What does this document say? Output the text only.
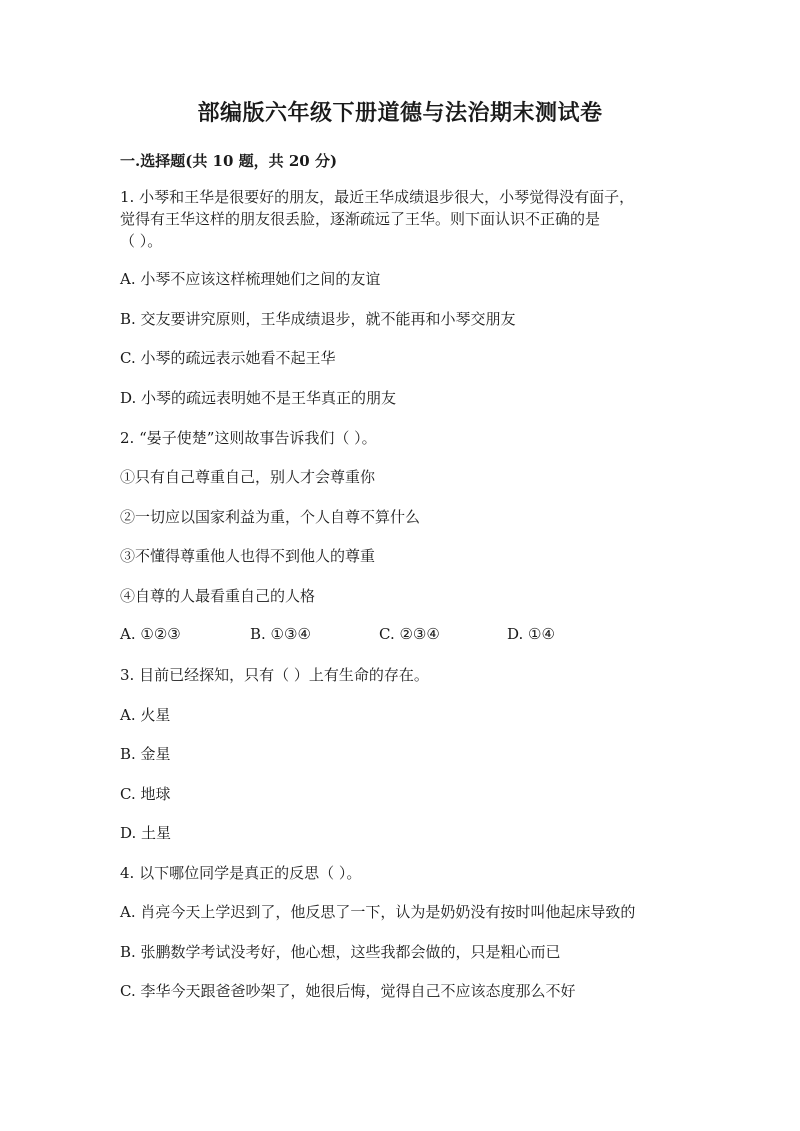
部编版六年级下册道德与法治期末测试卷
一.选择题(共 10 题，共 20 分)
1. 小琴和王华是很要好的朋友，最近王华成绩退步很大，小琴觉得没有面子，
觉得有王华这样的朋友很丢脸，逐渐疏远了王华。则下面认识不正确的是
（ ）。
A. 小琴不应该这样梳理她们之间的友谊
B. 交友要讲究原则，王华成绩退步，就不能再和小琴交朋友
C. 小琴的疏远表示她看不起王华
D. 小琴的疏远表明她不是王华真正的朋友
2. “晏子使楚”这则故事告诉我们（ ）。
①只有自己尊重自己，别人才会尊重你
②一切应以国家利益为重，个人自尊不算什么
③不懂得尊重他人也得不到他人的尊重
④自尊的人最看重自己的人格
A. ①②③	B. ①③④	C. ②③④	D. ①④
3. 目前已经探知，只有（ ）上有生命的存在。
A. 火星
B. 金星
C. 地球
D. 土星
4. 以下哪位同学是真正的反思（ ）。
A. 肖亮今天上学迟到了，他反思了一下，认为是奶奶没有按时叫他起床导致的
B. 张鹏数学考试没考好，他心想，这些我都会做的，只是粗心而已
C. 李华今天跟爸爸吵架了，她很后悔，觉得自己不应该态度那么不好
